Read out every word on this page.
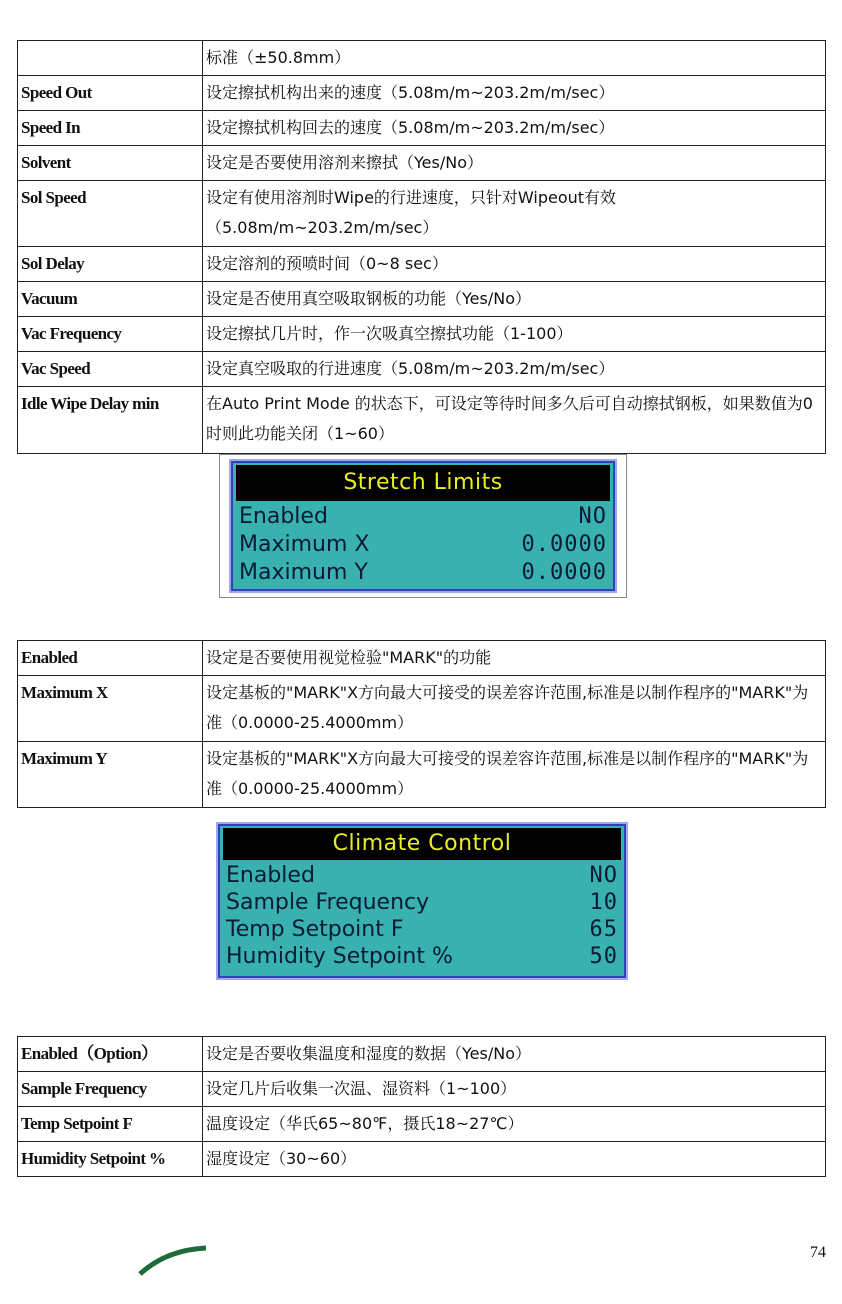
	标准（±50.8mm）
Speed Out	设定擦拭机构出来的速度（5.08m/m~203.2m/m/sec）
Speed In	设定擦拭机构回去的速度（5.08m/m~203.2m/m/sec）
Solvent	设定是否要使用溶剂来擦拭（Yes/No）
Sol Speed	设定有使用溶剂时Wipe的行进速度，只针对Wipeout有效（5.08m/m~203.2m/m/sec）
Sol Delay	设定溶剂的预喷时间（0~8 sec）
Vacuum	设定是否使用真空吸取钢板的功能（Yes/No）
Vac Frequency	设定擦拭几片时，作一次吸真空擦拭功能（1-100）
Vac Speed	设定真空吸取的行进速度（5.08m/m~203.2m/m/sec）
Idle Wipe Delay min	在Auto Print Mode 的状态下，可设定等待时间多久后可自动擦拭钢板，如果数值为0时则此功能关闭（1~60）
Stretch Limits
Enabled	NO
Maximum X	0.0000
Maximum Y	0.0000
Enabled	设定是否要使用视觉检验"MARK"的功能
Maximum X	设定基板的"MARK"X方向最大可接受的误差容许范围,标准是以制作程序的"MARK"为准（0.0000-25.4000mm）
Maximum Y	设定基板的"MARK"X方向最大可接受的误差容许范围,标准是以制作程序的"MARK"为准（0.0000-25.4000mm）
Climate Control
Enabled	NO
Sample Frequency	10
Temp Setpoint F	65
Humidity Setpoint %	50
Enabled（Option）	设定是否要收集温度和湿度的数据（Yes/No）
Sample Frequency	设定几片后收集一次温、湿资料（1~100）
Temp Setpoint F	温度设定（华氏65~80℉，摄氏18~27℃）
Humidity Setpoint %	湿度设定（30~60）
74
